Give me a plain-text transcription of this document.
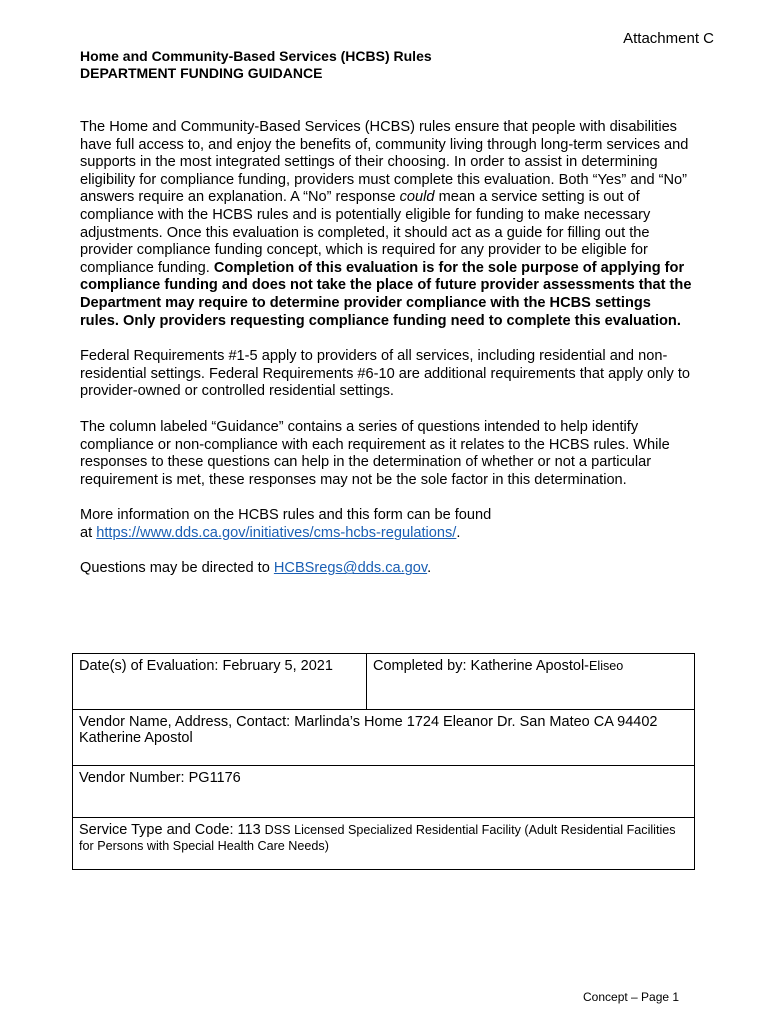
Attachment C
Home and Community-Based Services (HCBS) Rules
DEPARTMENT FUNDING GUIDANCE

The Home and Community-Based Services (HCBS) rules ensure that people with disabilities have full access to, and enjoy the benefits of, community living through long-term services and supports in the most integrated settings of their choosing. In order to assist in determining eligibility for compliance funding, providers must complete this evaluation. Both “Yes” and “No” answers require an explanation. A “No” response could mean a service setting is out of compliance with the HCBS rules and is potentially eligible for funding to make necessary adjustments. Once this evaluation is completed, it should act as a guide for filling out the provider compliance funding concept, which is required for any provider to be eligible for compliance funding. Completion of this evaluation is for the sole purpose of applying for compliance funding and does not take the place of future provider assessments that the Department may require to determine provider compliance with the HCBS settings rules. Only providers requesting compliance funding need to complete this evaluation.

Federal Requirements #1-5 apply to providers of all services, including residential and non-residential settings. Federal Requirements #6-10 are additional requirements that apply only to provider-owned or controlled residential settings.

The column labeled “Guidance” contains a series of questions intended to help identify compliance or non-compliance with each requirement as it relates to the HCBS rules. While responses to these questions can help in the determination of whether or not a particular requirement is met, these responses may not be the sole factor in this determination.

More information on the HCBS rules and this form can be found
at https://www.dds.ca.gov/initiatives/cms-hcbs-regulations/.

Questions may be directed to HCBSregs@dds.ca.gov.

Date(s) of Evaluation: February 5, 2021	Completed by: Katherine Apostol-Eliseo

Vendor Name, Address, Contact: Marlinda’s Home 1724 Eleanor Dr. San Mateo CA 94402
Katherine Apostol

Vendor Number: PG1176
Service Type and Code: 113 DSS Licensed Specialized Residential Facility (Adult Residential Facilities for Persons with Special Health Care Needs)
Concept – Page 1
